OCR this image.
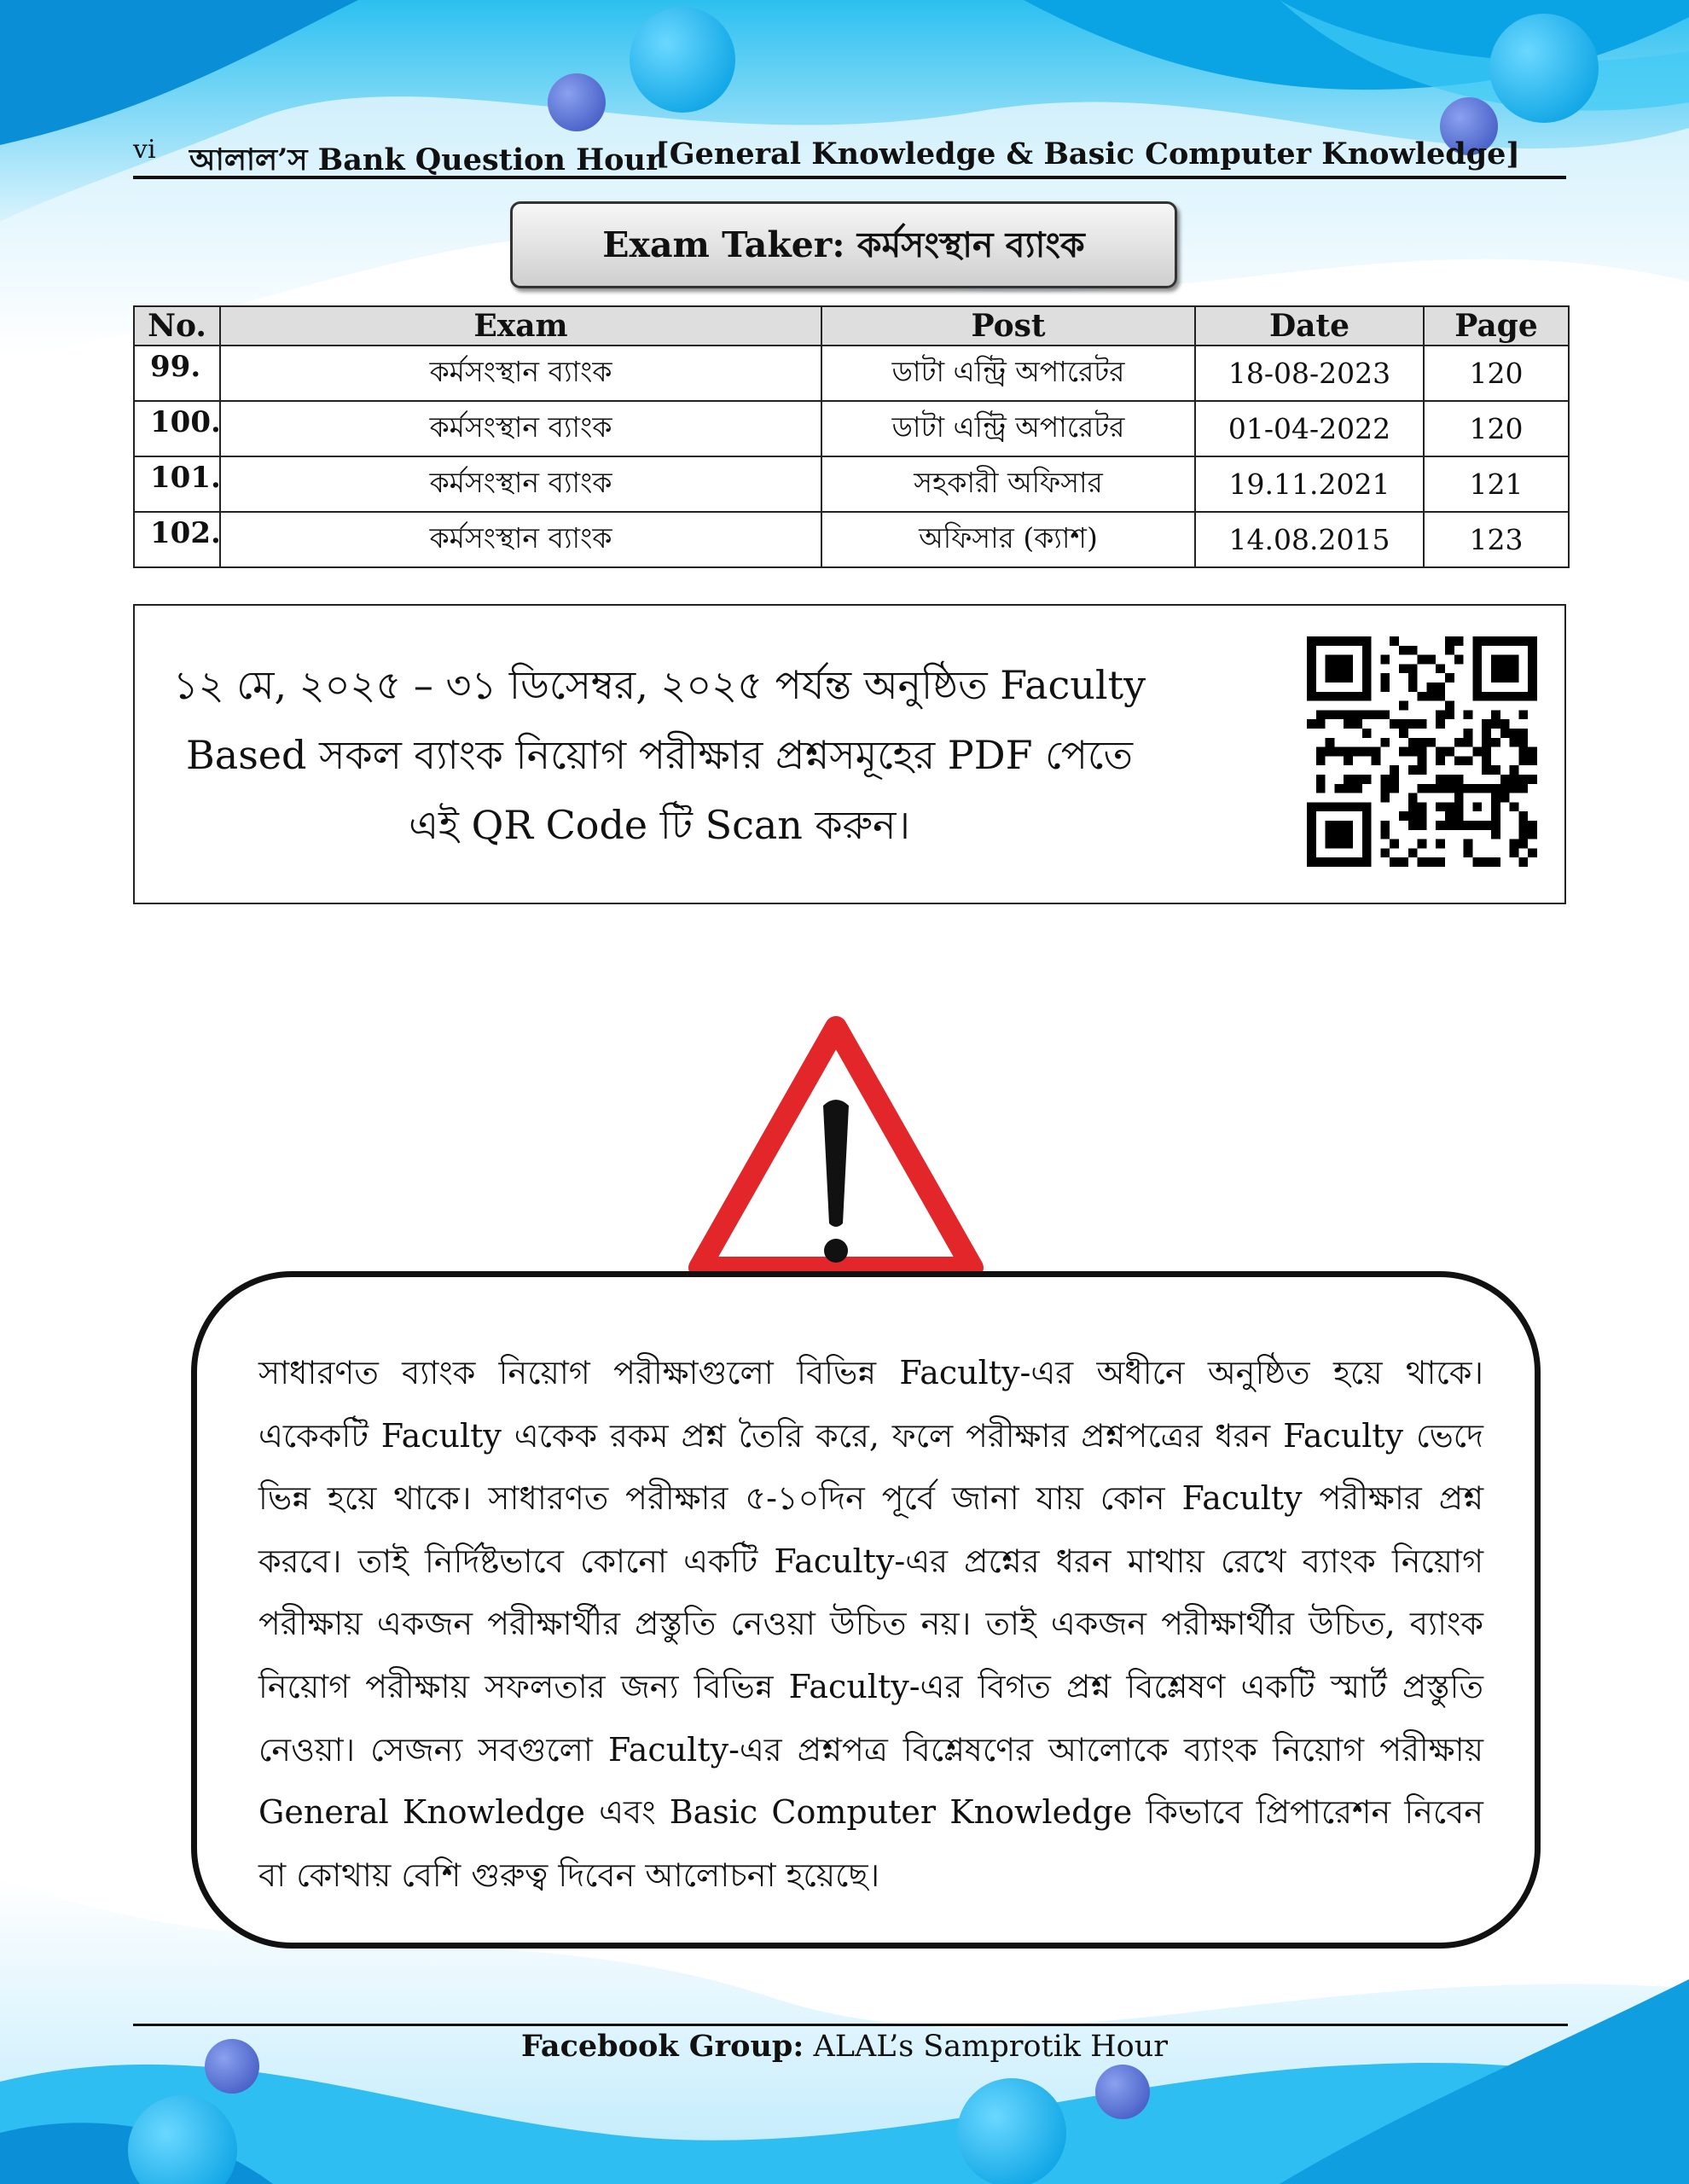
vi আলাল’স Bank Question Hour
[General Knowledge & Basic Computer Knowledge]
Exam Taker: কর্মসংস্থান ব্যাংক
No.	Exam	Post	Date	Page
99.	কর্মসংস্থান ব্যাংক	ডাটা এন্ট্রি অপারেটর	18-08-2023	120
100.	কর্মসংস্থান ব্যাংক	ডাটা এন্ট্রি অপারেটর	01-04-2022	120
101.	কর্মসংস্থান ব্যাংক	সহকারী অফিসার	19.11.2021	121
102.	কর্মসংস্থান ব্যাংক	অফিসার (ক্যাশ)	14.08.2015	123
১২ মে, ২০২৫ – ৩১ ডিসেম্বর, ২০২৫ পর্যন্ত অনুষ্ঠিত Faculty Based সকল ব্যাংক নিয়োগ পরীক্ষার প্রশ্নসমূহের PDF পেতে এই QR Code টি Scan করুন।
সাধারণত ব্যাংক নিয়োগ পরীক্ষাগুলো বিভিন্ন Faculty-এর অধীনে অনুষ্ঠিত হয়ে থাকে। একেকটি Faculty একেক রকম প্রশ্ন তৈরি করে, ফলে পরীক্ষার প্রশ্নপত্রের ধরন Faculty ভেদে ভিন্ন হয়ে থাকে। সাধারণত পরীক্ষার ৫-১০দিন পূর্বে জানা যায় কোন Faculty পরীক্ষার প্রশ্ন করবে। তাই নির্দিষ্টভাবে কোনো একটি Faculty-এর প্রশ্নের ধরন মাথায় রেখে ব্যাংক নিয়োগ পরীক্ষায় একজন পরীক্ষার্থীর প্রস্তুতি নেওয়া উচিত নয়। তাই একজন পরীক্ষার্থীর উচিত, ব্যাংক নিয়োগ পরীক্ষায় সফলতার জন্য বিভিন্ন Faculty-এর বিগত প্রশ্ন বিশ্লেষণ একটি স্মার্ট প্রস্তুতি নেওয়া। সেজন্য সবগুলো Faculty-এর প্রশ্নপত্র বিশ্লেষণের আলোকে ব্যাংক নিয়োগ পরীক্ষায় General Knowledge এবং Basic Computer Knowledge কিভাবে প্রিপারেশন নিবেন বা কোথায় বেশি গুরুত্ব দিবেন আলোচনা হয়েছে।
Facebook Group: ALAL’s Samprotik Hour
